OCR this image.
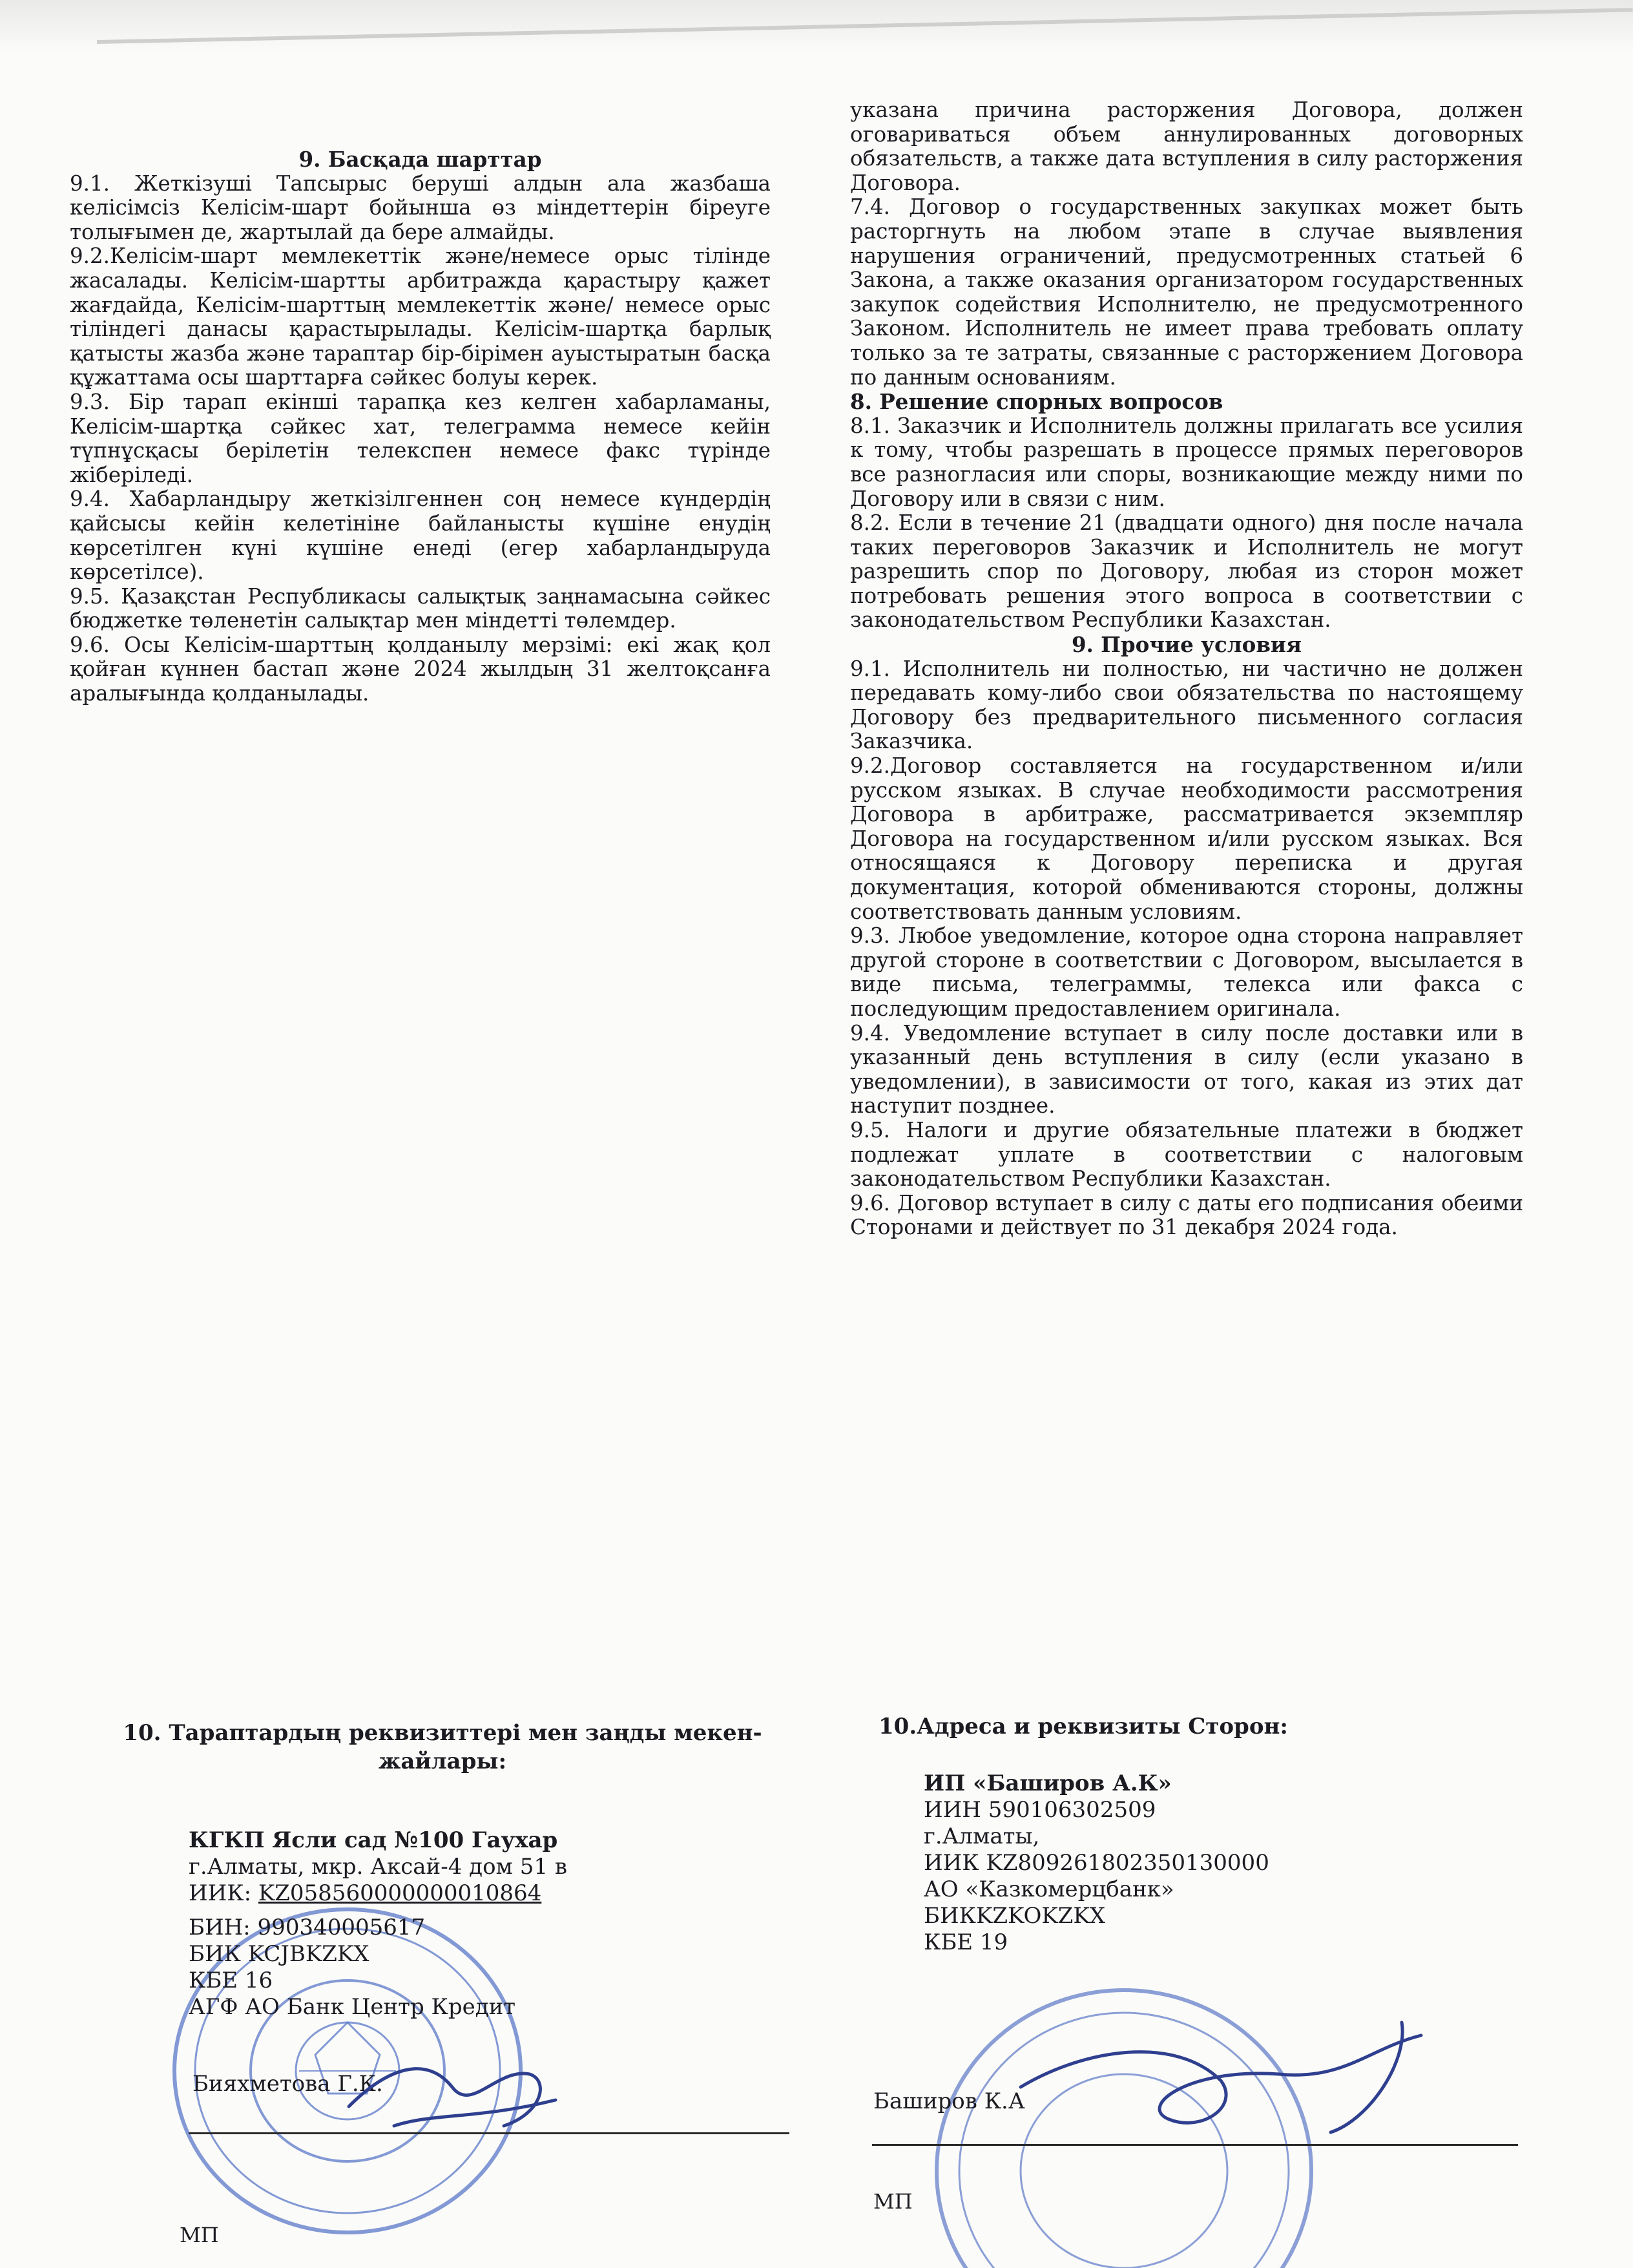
9. Басқада шарттар

9.1. Жеткізуші Тапсырыс беруші алдын ала жазбаша келісімсіз Келісім-шарт бойынша өз міндеттерін біреуге толығымен де, жартылай да бере алмайды.

9.2.Келісім-шарт мемлекеттік және/немесе орыс тілінде жасалады. Келісім-шартты арбитражда қарастыру қажет жағдайда, Келісім-шарттың мемлекеттік және/ немесе орыс тіліндегі данасы қарастырылады. Келісім-шартқа барлық қатысты жазба және тараптар бір-бірімен ауыстыратын басқа құжаттама осы шарттарға сәйкес болуы керек.

9.3. Бір тарап екінші тарапқа кез келген хабарламаны, Келісім-шартқа сәйкес хат, телеграмма немесе кейін түпнұсқасы берілетін телекспен немесе факс түрінде жіберіледі.

9.4. Хабарландыру жеткізілгеннен соң немесе күндердің қайсысы кейін келетініне байланысты күшіне енудің көрсетілген күні күшіне енеді (егер хабарландыруда көрсетілсе).

9.5. Қазақстан Республикасы салықтық заңнамасына сәйкес бюджетке төленетін салықтар мен міндетті төлемдер.

9.6. Осы Келісім-шарттың қолданылу мерзімі: екі жақ қол қойған күннен бастап және 2024 жылдың 31 желтоқсанға аралығында қолданылады.

указана причина расторжения Договора, должен оговариваться объем аннулированных договорных обязательств, а также дата вступления в силу расторжения Договора.

7.4. Договор о государственных закупках может быть расторгнуть на любом этапе в случае выявления нарушения ограничений, предусмотренных статьей 6 Закона, а также оказания организатором государственных закупок содействия Исполнителю, не предусмотренного Законом. Исполнитель не имеет права требовать оплату только за те затраты, связанные с расторжением Договора по данным основаниям.

8. Решение спорных вопросов

8.1. Заказчик и Исполнитель должны прилагать все усилия к тому, чтобы разрешать в процессе прямых переговоров все разногласия или споры, возникающие между ними по Договору или в связи с ним.

8.2. Если в течение 21 (двадцати одного) дня после начала таких переговоров Заказчик и Исполнитель не могут разрешить спор по Договору, любая из сторон может потребовать решения этого вопроса в соответствии с законодательством Республики Казахстан.

9. Прочие условия

9.1. Исполнитель ни полностью, ни частично не должен передавать кому-либо свои обязательства по настоящему Договору без предварительного письменного согласия Заказчика.

9.2.Договор составляется на государственном и/или русском языках. В случае необходимости рассмотрения Договора в арбитраже, рассматривается экземпляр Договора на государственном и/или русском языках. Вся относящаяся к Договору переписка и другая документация, которой обмениваются стороны, должны соответствовать данным условиям.

9.3. Любое уведомление, которое одна сторона направляет другой стороне в соответствии с Договором, высылается в виде письма, телеграммы, телекса или факса с последующим предоставлением оригинала.

9.4. Уведомление вступает в силу после доставки или в указанный день вступления в силу (если указано в уведомлении), в зависимости от того, какая из этих дат наступит позднее.

9.5. Налоги и другие обязательные платежи в бюджет подлежат уплате в соответствии с налоговым законодательством Республики Казахстан.

9.6. Договор вступает в силу с даты его подписания обеими Сторонами и действует по 31 декабря 2024 года.

10. Тараптардың реквизиттері мен заңды мекен-жайлары:
КГКП Ясли сад №100 Гаухар
г.Алматы, мкр. Аксай-4 дом 51 в
ИИК: KZ058560000000010864
БИН: 990340005617
БИК KCJBKZKX
КБЕ 16
АГФ АО Банк Центр Кредит
Бияхметова Г.К.
МП
10.Адреса и реквизиты Сторон:
ИП «Баширов А.К»
ИИН 590106302509
г.Алматы,
ИИК KZ809261802350130000
АО «Казкомерцбанк»
БИКKZKOKZKX
КБЕ 19
Баширов К.А
МП
